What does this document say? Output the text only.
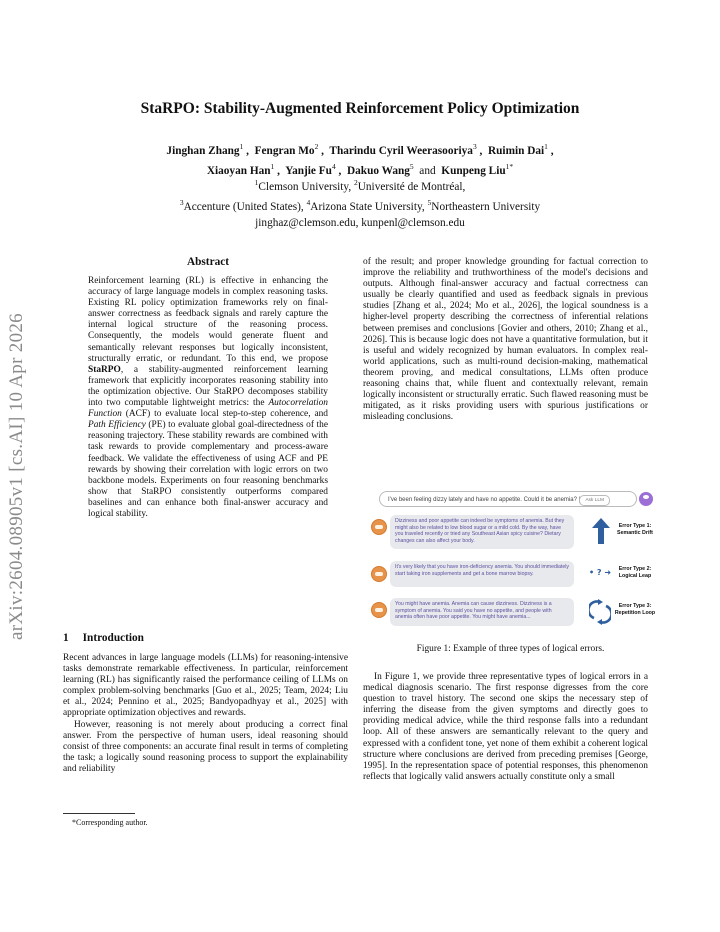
arXiv:2604.08905v1 [cs.AI] 10 Apr 2026
StaRPO: Stability-Augmented Reinforcement Policy Optimization
Jinghan Zhang$^1$ ,  Fengran Mo$^2$ ,  Tharindu Cyril Weerasooriya$^3$ ,  Ruimin Dai$^1$ ,
Xiaoyan Han$^1$ ,  Yanjie Fu$^4$ ,  Dakuo Wang$^5$  and  Kunpeng Liu$^{1*}$
$^1$Clemson University, $^2$Université de Montréal,
$^3$Accenture (United States), $^4$Arizona State University, $^5$Northeastern University
jinghaz@clemson.edu, kunpenl@clemson.edu
Abstract
Reinforcement learning (RL) is effective in enhancing the accuracy of large language models in complex reasoning tasks. Existing RL policy optimization frameworks rely on final-answer correctness as feedback signals and rarely capture the internal logical structure of the reasoning process. Consequently, the models would generate fluent and semantically relevant responses but logically inconsistent, structurally erratic, or redundant. To this end, we propose StaRPO, a stability-augmented reinforcement learning framework that explicitly incorporates reasoning stability into the optimization objective. Our StaRPO decomposes stability into two computable lightweight metrics: the Autocorrelation Function (ACF) to evaluate local step-to-step coherence, and Path Efficiency (PE) to evaluate global goal-directedness of the reasoning trajectory. These stability rewards are combined with task rewards to provide complementary and process-aware feedback. We validate the effectiveness of using ACF and PE rewards by showing their correlation with logic errors on two backbone models. Experiments on four reasoning benchmarks show that StaRPO consistently outperforms compared baselines and can enhance both final-answer accuracy and logical stability.
1 Introduction

Recent advances in large language models (LLMs) for reasoning-intensive tasks demonstrate remarkable effectiveness. In particular, reinforcement learning (RL) has significantly raised the performance ceiling of LLMs on complex problem-solving benchmarks [Guo et al., 2025; Team, 2024; Liu et al., 2024; Pennino et al., 2025; Bandyopadhyay et al., 2025] with appropriate optimization objectives and rewards.

However, reasoning is not merely about producing a correct final answer. From the perspective of human users, ideal reasoning should consist of three components: an accurate final result in terms of completing the task; a logically sound reasoning process to support the explainability and reliability

*Corresponding author.

of the result; and proper knowledge grounding for factual correction to improve the reliability and truthworthiness of the model's decisions and outputs. Although final-answer accuracy and factual correctness can usually be clearly quantified and used as feedback signals in previous studies [Zhang et al., 2024; Mo et al., 2026], the logical soundness is a higher-level property describing the correctness of inferential relations between premises and conclusions [Govier and others, 2010; Zhang et al., 2026]. This is because logic does not have a quantitative formulation, but it is useful and widely recognized by human evaluators. In complex real-world applications, such as multi-round decision-making, mathematical theorem proving, and medical consultations, LLMs often produce reasoning chains that, while fluent and contextually relevant, remain logically inconsistent or structurally erratic. Such flawed reasoning must be mitigated, as it risks providing users with spurious justifications or misleading conclusions.

I've been feeling dizzy lately and have no appetite. Could it be anemia? |	Ask LLM
Dizziness and poor appetite can indeed be symptoms of anemia. But they might also be related to low blood sugar or a mild cold. By the way, have you traveled recently or tried any Southeast Asian spicy cuisine? Dietary changes can also affect your body.
Error Type 1:
Semantic Drift
It's very likely that you have iron-deficiency anemia. You should immediately start taking iron supplements and get a bone marrow biopsy.	• ? ➜	Error Type 2:
Logical Leap
You might have anemia. Anemia can cause dizziness. Dizziness is a symptom of anemia. You said you have no appetite, and people with anemia often have poor appetite. You might have anemia...
Error Type 3:
Repetition Loop
Figure 1: Example of three types of logical errors.

In Figure 1, we provide three representative types of logical errors in a medical diagnosis scenario. The first response digresses from the core question to travel history. The second one skips the necessary step of inferring the disease from the given symptoms and directly goes to providing medical advice, while the third response falls into a redundant loop. All of these answers are semantically relevant to the query and expressed with a confident tone, yet none of them exhibit a coherent logical structure where conclusions are derived from preceding premises [George, 1995]. In the representation space of potential responses, this phenomenon reflects that logically valid answers actually constitute only a small
